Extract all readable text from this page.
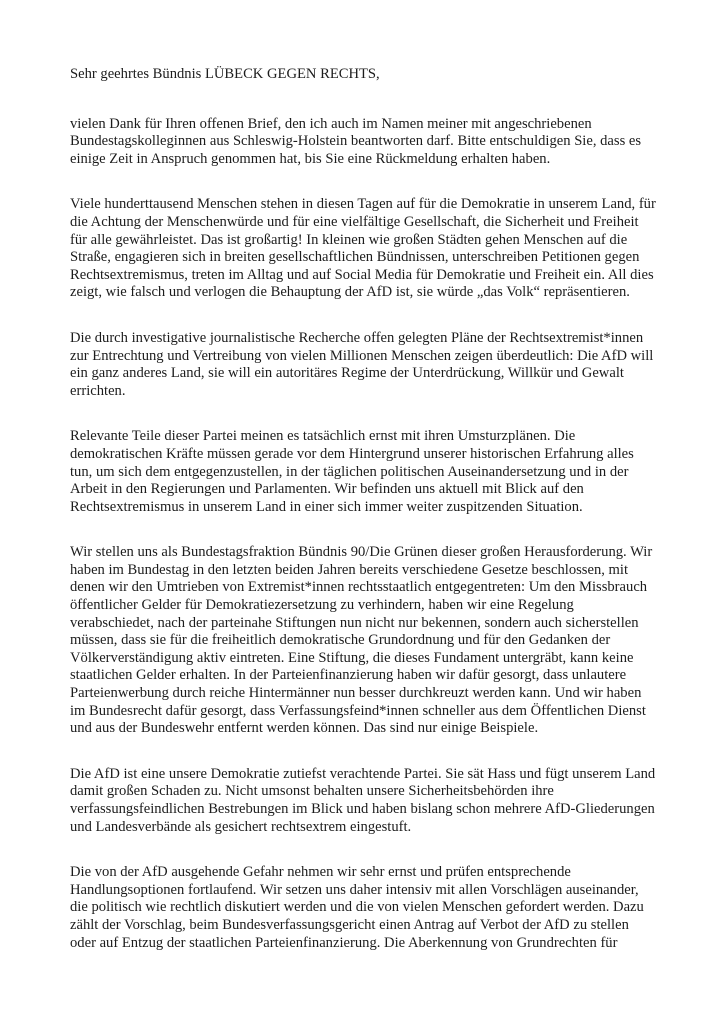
Sehr geehrtes Bündnis LÜBECK GEGEN RECHTS,

vielen Dank für Ihren offenen Brief, den ich auch im Namen meiner mit angeschriebenen
Bundestagskolleginnen aus Schleswig-Holstein beantworten darf. Bitte entschuldigen Sie, dass es
einige Zeit in Anspruch genommen hat, bis Sie eine Rückmeldung erhalten haben.

Viele hunderttausend Menschen stehen in diesen Tagen auf für die Demokratie in unserem Land, für
die Achtung der Menschenwürde und für eine vielfältige Gesellschaft, die Sicherheit und Freiheit
für alle gewährleistet. Das ist großartig! In kleinen wie großen Städten gehen Menschen auf die
Straße, engagieren sich in breiten gesellschaftlichen Bündnissen, unterschreiben Petitionen gegen
Rechtsextremismus, treten im Alltag und auf Social Media für Demokratie und Freiheit ein. All dies
zeigt, wie falsch und verlogen die Behauptung der AfD ist, sie würde „das Volk“ repräsentieren.

Die durch investigative journalistische Recherche offen gelegten Pläne der Rechtsextremist*innen
zur Entrechtung und Vertreibung von vielen Millionen Menschen zeigen überdeutlich: Die AfD will
ein ganz anderes Land, sie will ein autoritäres Regime der Unterdrückung, Willkür und Gewalt
errichten.

Relevante Teile dieser Partei meinen es tatsächlich ernst mit ihren Umsturzplänen. Die
demokratischen Kräfte müssen gerade vor dem Hintergrund unserer historischen Erfahrung alles
tun, um sich dem entgegenzustellen, in der täglichen politischen Auseinandersetzung und in der
Arbeit in den Regierungen und Parlamenten. Wir befinden uns aktuell mit Blick auf den
Rechtsextremismus in unserem Land in einer sich immer weiter zuspitzenden Situation.

Wir stellen uns als Bundestagsfraktion Bündnis 90/Die Grünen dieser großen Herausforderung. Wir
haben im Bundestag in den letzten beiden Jahren bereits verschiedene Gesetze beschlossen, mit
denen wir den Umtrieben von Extremist*innen rechtsstaatlich entgegentreten: Um den Missbrauch
öffentlicher Gelder für Demokratiezersetzung zu verhindern, haben wir eine Regelung
verabschiedet, nach der parteinahe Stiftungen nun nicht nur bekennen, sondern auch sicherstellen
müssen, dass sie für die freiheitlich demokratische Grundordnung und für den Gedanken der
Völkerverständigung aktiv eintreten. Eine Stiftung, die dieses Fundament untergräbt, kann keine
staatlichen Gelder erhalten. In der Parteienfinanzierung haben wir dafür gesorgt, dass unlautere
Parteienwerbung durch reiche Hintermänner nun besser durchkreuzt werden kann. Und wir haben
im Bundesrecht dafür gesorgt, dass Verfassungsfeind*innen schneller aus dem Öffentlichen Dienst
und aus der Bundeswehr entfernt werden können. Das sind nur einige Beispiele.

Die AfD ist eine unsere Demokratie zutiefst verachtende Partei. Sie sät Hass und fügt unserem Land
damit großen Schaden zu. Nicht umsonst behalten unsere Sicherheitsbehörden ihre
verfassungsfeindlichen Bestrebungen im Blick und haben bislang schon mehrere AfD-Gliederungen
und Landesverbände als gesichert rechtsextrem eingestuft.

Die von der AfD ausgehende Gefahr nehmen wir sehr ernst und prüfen entsprechende
Handlungsoptionen fortlaufend. Wir setzen uns daher intensiv mit allen Vorschlägen auseinander,
die politisch wie rechtlich diskutiert werden und die von vielen Menschen gefordert werden. Dazu
zählt der Vorschlag, beim Bundesverfassungsgericht einen Antrag auf Verbot der AfD zu stellen
oder auf Entzug der staatlichen Parteienfinanzierung. Die Aberkennung von Grundrechten für
